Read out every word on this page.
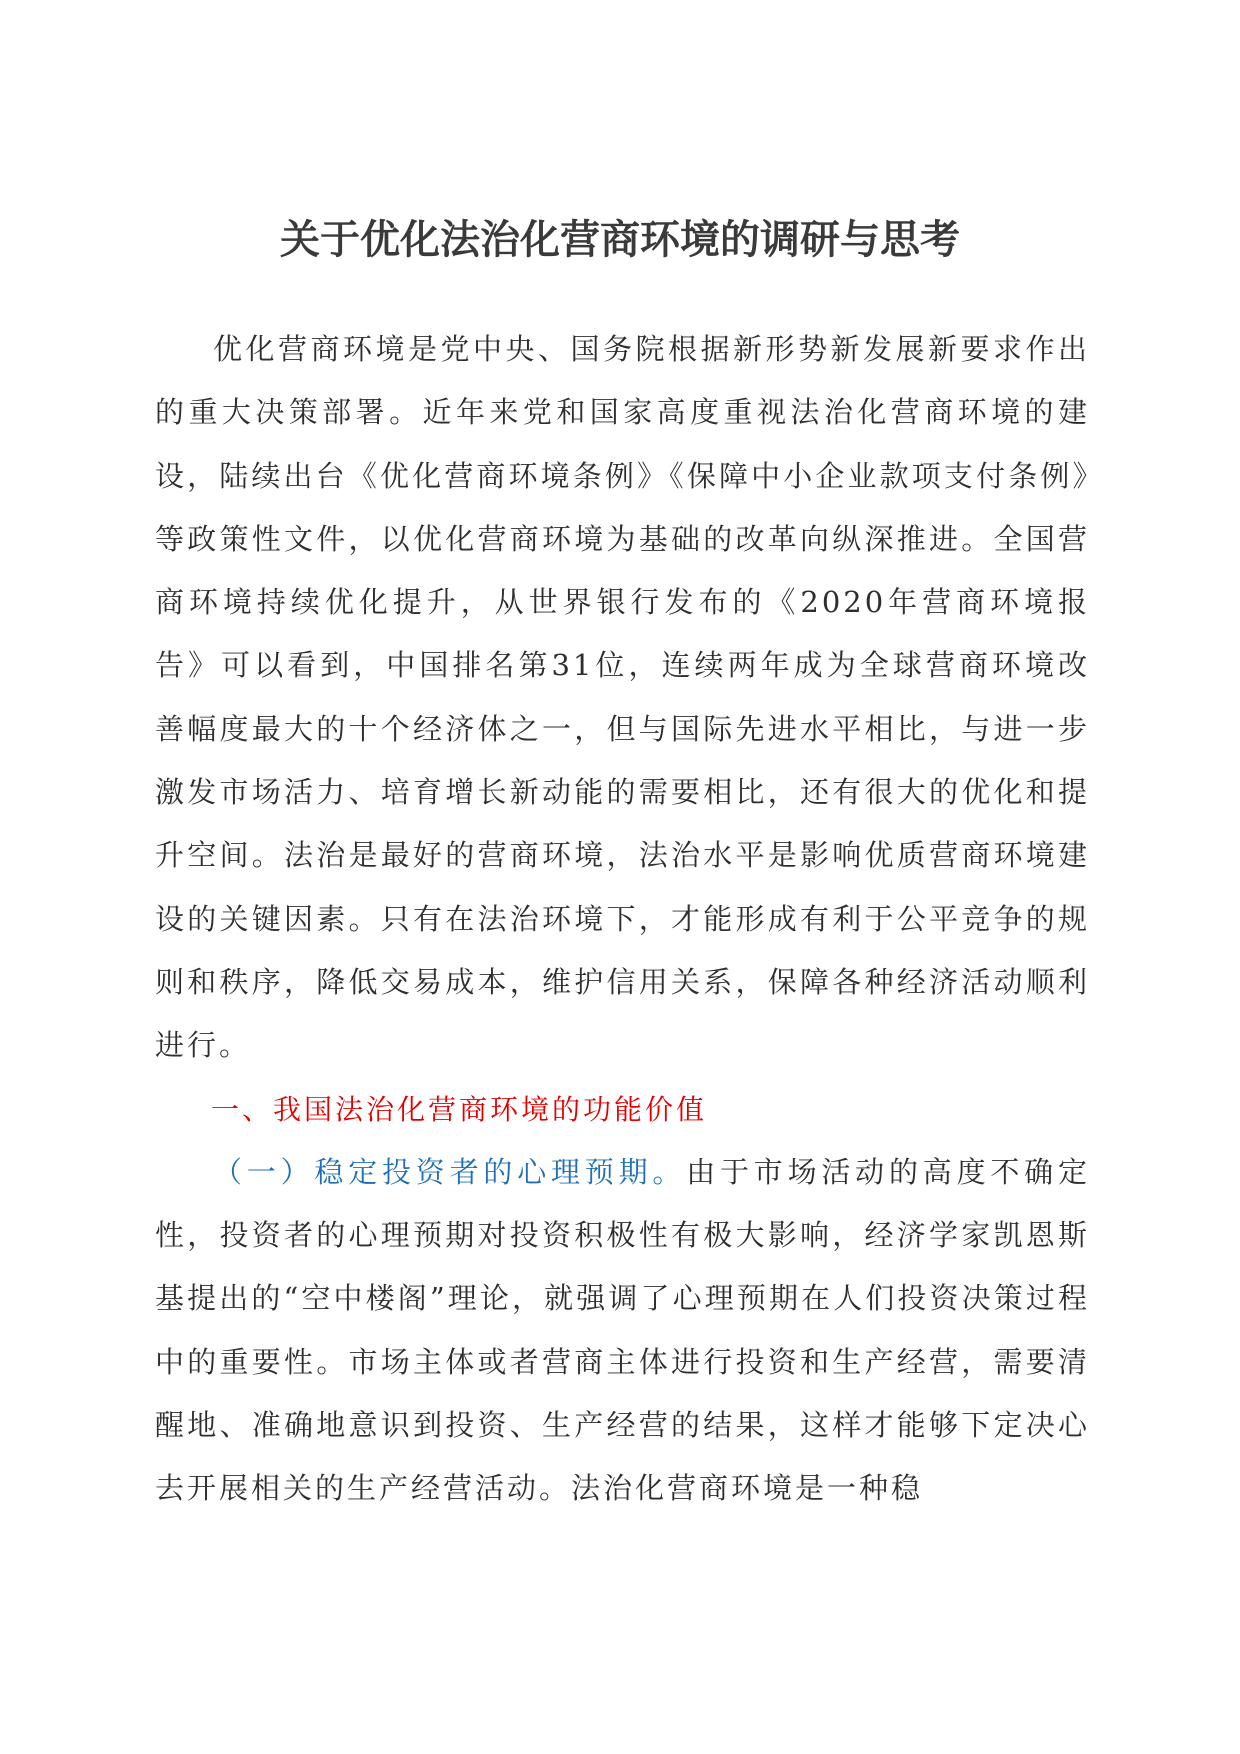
关于优化法治化营商环境的调研与思考

优化营商环境是党中央、国务院根据新形势新发展新要求作出的重大决策部署。近年来党和国家高度重视法治化营商环境的建设，陆续出台《优化营商环境条例》《保障中小企业款项支付条例》等政策性文件，以优化营商环境为基础的改革向纵深推进。全国营商环境持续优化提升，从世界银行发布的《2020年营商环境报告》可以看到，中国排名第31位，连续两年成为全球营商环境改善幅度最大的十个经济体之一，但与国际先进水平相比，与进一步激发市场活力、培育增长新动能的需要相比，还有很大的优化和提升空间。法治是最好的营商环境，法治水平是影响优质营商环境建设的关键因素。只有在法治环境下，才能形成有利于公平竞争的规则和秩序，降低交易成本，维护信用关系，保障各种经济活动顺利进行。

一、我国法治化营商环境的功能价值

（一）稳定投资者的心理预期。由于市场活动的高度不确定性，投资者的心理预期对投资积极性有极大影响，经济学家凯恩斯基提出的“空中楼阁”理论，就强调了心理预期在人们投资决策过程中的重要性。市场主体或者营商主体进行投资和生产经营，需要清醒地、准确地意识到投资、生产经营的结果，这样才能够下定决心去开展相关的生产经营活动。法治化营商环境是一种稳
